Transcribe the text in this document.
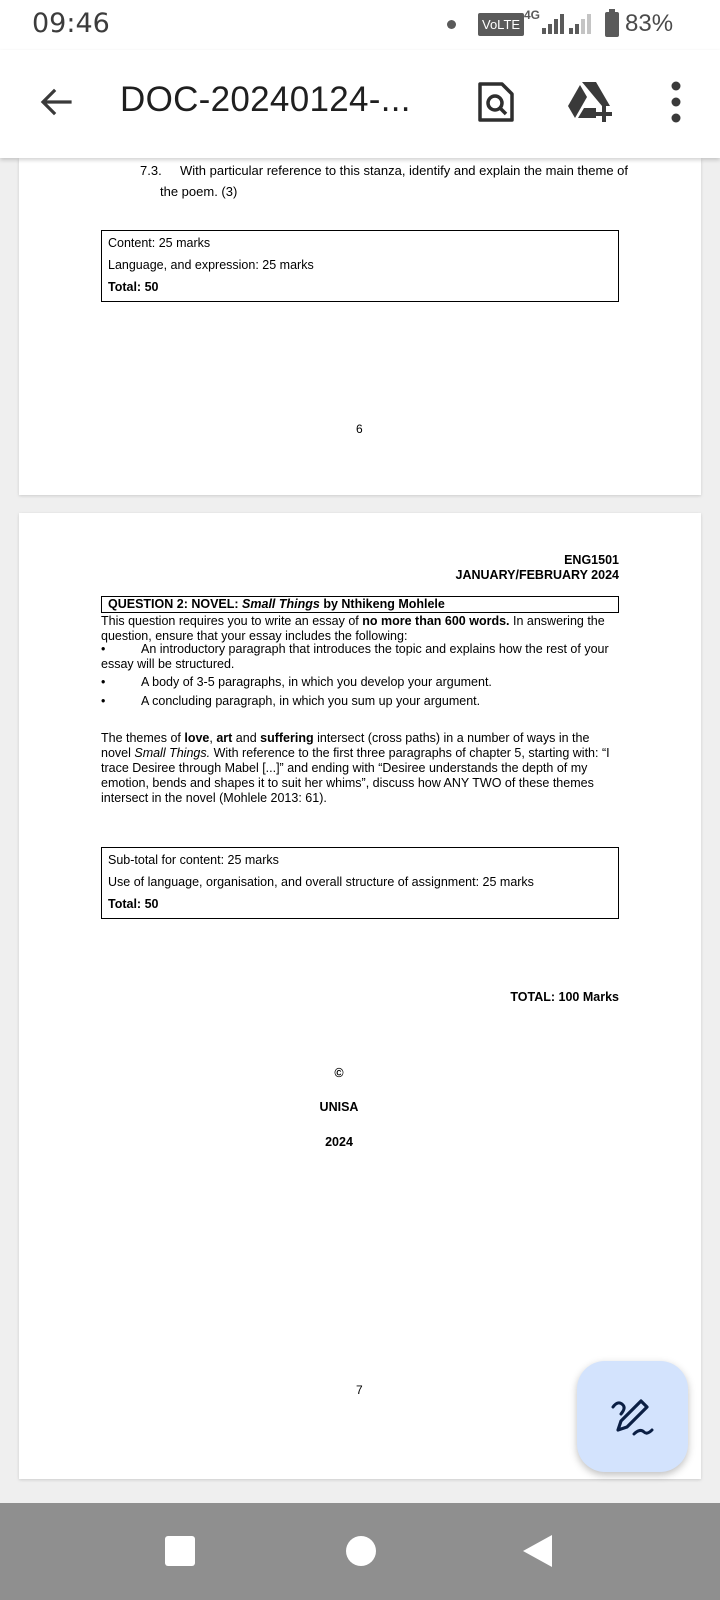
09:46	VoLTE
4G	83%
DOC-20240124-...
7.3. With particular reference to this stanza, identify and explain the main theme of
the poem. (3)
Content: 25 marks
Language, and expression: 25 marks
Total: 50
6
ENG1501
JANUARY/FEBRUARY 2024
QUESTION 2: NOVEL: Small Things by Nthikeng Mohlele
This question requires you to write an essay of no more than 600 words. In answering the question, ensure that your essay includes the following:
•	An introductory paragraph that introduces the topic and explains how the rest of your essay will be structured.
•	A body of 3-5 paragraphs, in which you develop your argument.
•	A concluding paragraph, in which you sum up your argument.
The themes of love, art and suffering intersect (cross paths) in a number of ways in the novel Small Things. With reference to the first three paragraphs of chapter 5, starting with: “I trace Desiree through Mabel [...]” and ending with “Desiree understands the depth of my emotion, bends and shapes it to suit her whims”, discuss how ANY TWO of these themes intersect in the novel (Mohlele 2013: 61).
Sub-total for content: 25 marks
Use of language, organisation, and overall structure of assignment: 25 marks
Total: 50
TOTAL: 100 Marks
©
UNISA
2024
7
